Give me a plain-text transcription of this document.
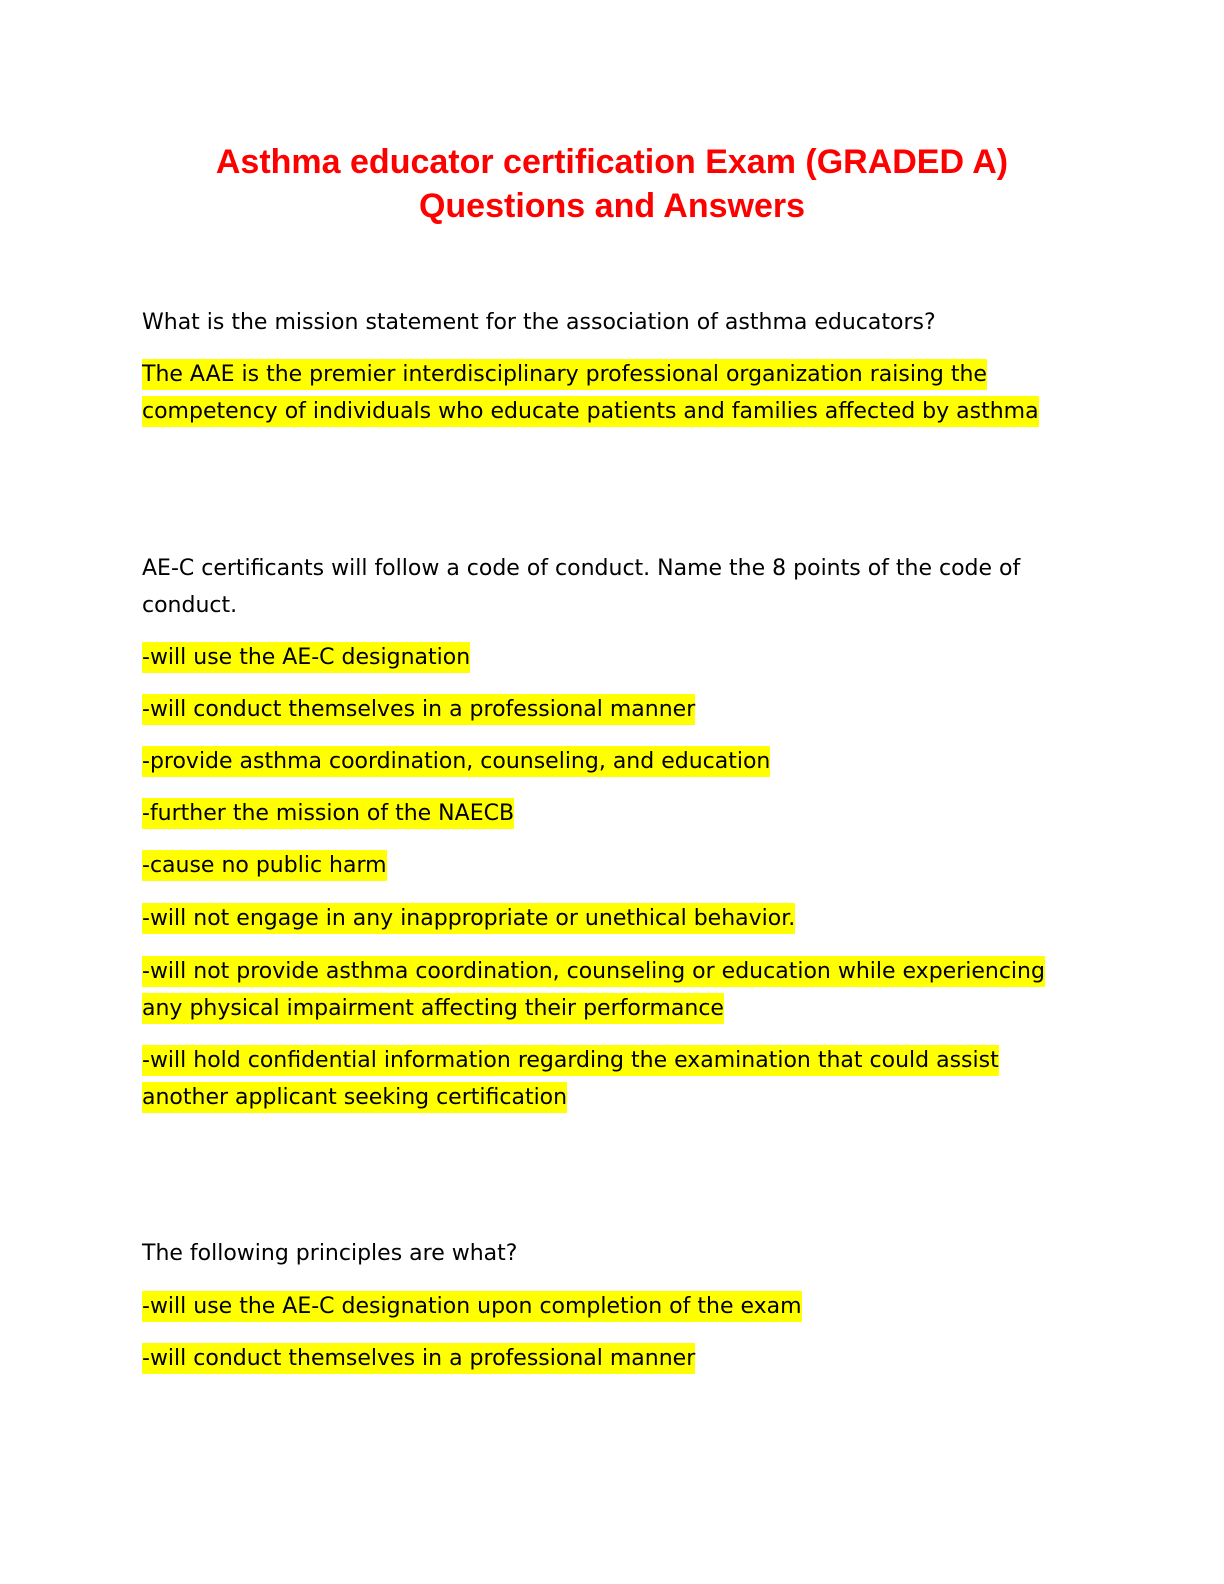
Asthma educator certification Exam (GRADED A)
Questions and Answers

What is the mission statement for the association of asthma educators?

The AAE is the premier interdisciplinary professional organization raising the competency of individuals who educate patients and families affected by asthma

AE-C certificants will follow a code of conduct. Name the 8 points of the code of conduct.

-will use the AE-C designation
-will conduct themselves in a professional manner
-provide asthma coordination, counseling, and education
-further the mission of the NAECB
-cause no public harm
-will not engage in any inappropriate or unethical behavior.
-will not provide asthma coordination, counseling or education while experiencing any physical impairment affecting their performance
-will hold confidential information regarding the examination that could assist another applicant seeking certification

The following principles are what?

-will use the AE-C designation upon completion of the exam
-will conduct themselves in a professional manner
